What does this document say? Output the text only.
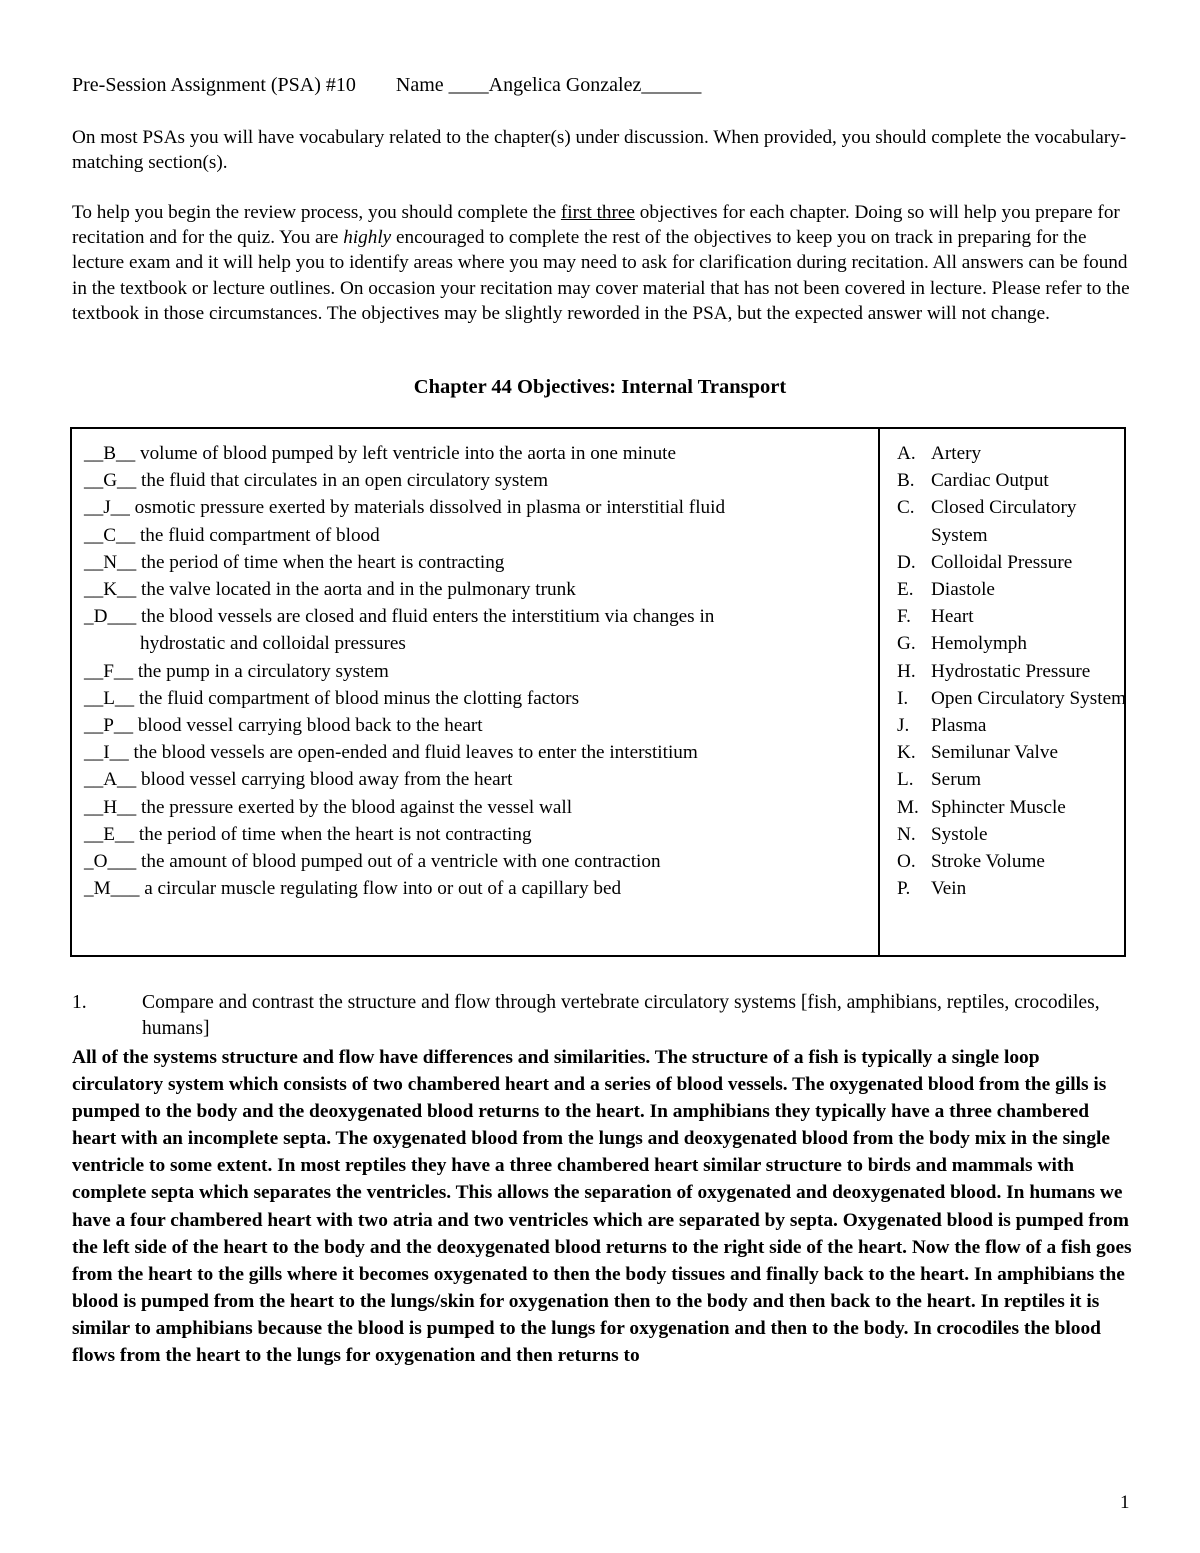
Pre-Session Assignment (PSA) #10 Name ____Angelica Gonzalez______
On most PSAs you will have vocabulary related to the chapter(s) under discussion. When provided, you should complete the vocabulary-matching section(s).
To help you begin the review process, you should complete the first three objectives for each chapter. Doing so will help you prepare for recitation and for the quiz. You are highly encouraged to complete the rest of the objectives to keep you on track in preparing for the lecture exam and it will help you to identify areas where you may need to ask for clarification during recitation. All answers can be found in the textbook or lecture outlines. On occasion your recitation may cover material that has not been covered in lecture. Please refer to the textbook in those circumstances. The objectives may be slightly reworded in the PSA, but the expected answer will not change.
Chapter 44 Objectives: Internal Transport
__B__ volume of blood pumped by left ventricle into the aorta in one minute
__G__ the fluid that circulates in an open circulatory system
__J__ osmotic pressure exerted by materials dissolved in plasma or interstitial fluid
__C__ the fluid compartment of blood
__N__ the period of time when the heart is contracting
__K__ the valve located in the aorta and in the pulmonary trunk
_D___ the blood vessels are closed and fluid enters the interstitium via changes in
hydrostatic and colloidal pressures
__F__ the pump in a circulatory system
__L__ the fluid compartment of blood minus the clotting factors
__P__ blood vessel carrying blood back to the heart
__I__ the blood vessels are open-ended and fluid leaves to enter the interstitium
__A__ blood vessel carrying blood away from the heart
__H__ the pressure exerted by the blood against the vessel wall
__E__ the period of time when the heart is not contracting
_O___ the amount of blood pumped out of a ventricle with one contraction
_M___ a circular muscle regulating flow into or out of a capillary bed
A. Artery
B. Cardiac Output
C. Closed Circulatory System
D. Colloidal Pressure
E. Diastole
F.	Heart
G. Hemolymph
H. Hydrostatic Pressure
I.	Open Circulatory System
J.	Plasma
K. Semilunar Valve
L. Serum
M. Sphincter Muscle
N. Systole
O. Stroke Volume
P.	Vein
1.	Compare and contrast the structure and flow through vertebrate circulatory systems [fish, amphibians, reptiles, crocodiles, humans]
All of the systems structure and flow have differences and similarities. The structure of a fish is typically a single loop circulatory system which consists of two chambered heart and a series of blood vessels. The oxygenated blood from the gills is pumped to the body and the deoxygenated blood returns to the heart. In amphibians they typically have a three chambered heart with an incomplete septa. The oxygenated blood from the lungs and deoxygenated blood from the body mix in the single ventricle to some extent. In most reptiles they have a three chambered heart similar structure to birds and mammals with complete septa which separates the ventricles. This allows the separation of oxygenated and deoxygenated blood. In humans we have a four chambered heart with two atria and two ventricles which are separated by septa. Oxygenated blood is pumped from the left side of the heart to the body and the deoxygenated blood returns to the right side of the heart. Now the flow of a fish goes from the heart to the gills where it becomes oxygenated to then the body tissues and finally back to the heart. In amphibians the blood is pumped from the heart to the lungs/skin for oxygenation then to the body and then back to the heart. In reptiles it is similar to amphibians because the blood is pumped to the lungs for oxygenation and then to the body. In crocodiles the blood flows from the heart to the lungs for oxygenation and then returns to
1
